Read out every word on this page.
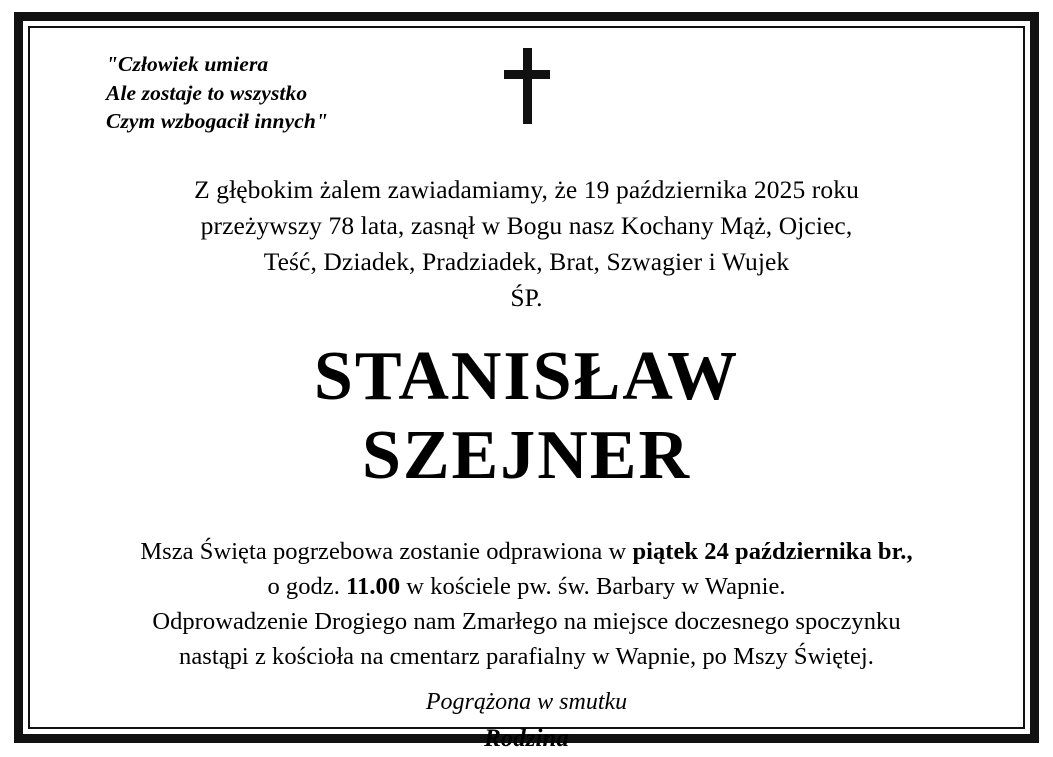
"Człowiek umiera
Ale zostaje to wszystko
Czym wzbogacił innych"
Z głębokim żalem zawiadamiamy, że 19 października 2025 roku
przeżywszy 78 lata, zasnął w Bogu nasz Kochany Mąż, Ojciec,
Teść, Dziadek, Pradziadek, Brat, Szwagier i Wujek
ŚP.
STANISŁAW
SZEJNER
Msza Święta pogrzebowa zostanie odprawiona w piątek 24 października br.,
o godz. 11.00 w kościele pw. św. Barbary w Wapnie.
Odprowadzenie Drogiego nam Zmarłego na miejsce doczesnego spoczynku
nastąpi z kościoła na cmentarz parafialny w Wapnie, po Mszy Świętej.
Pogrążona w smutku
Rodzina
